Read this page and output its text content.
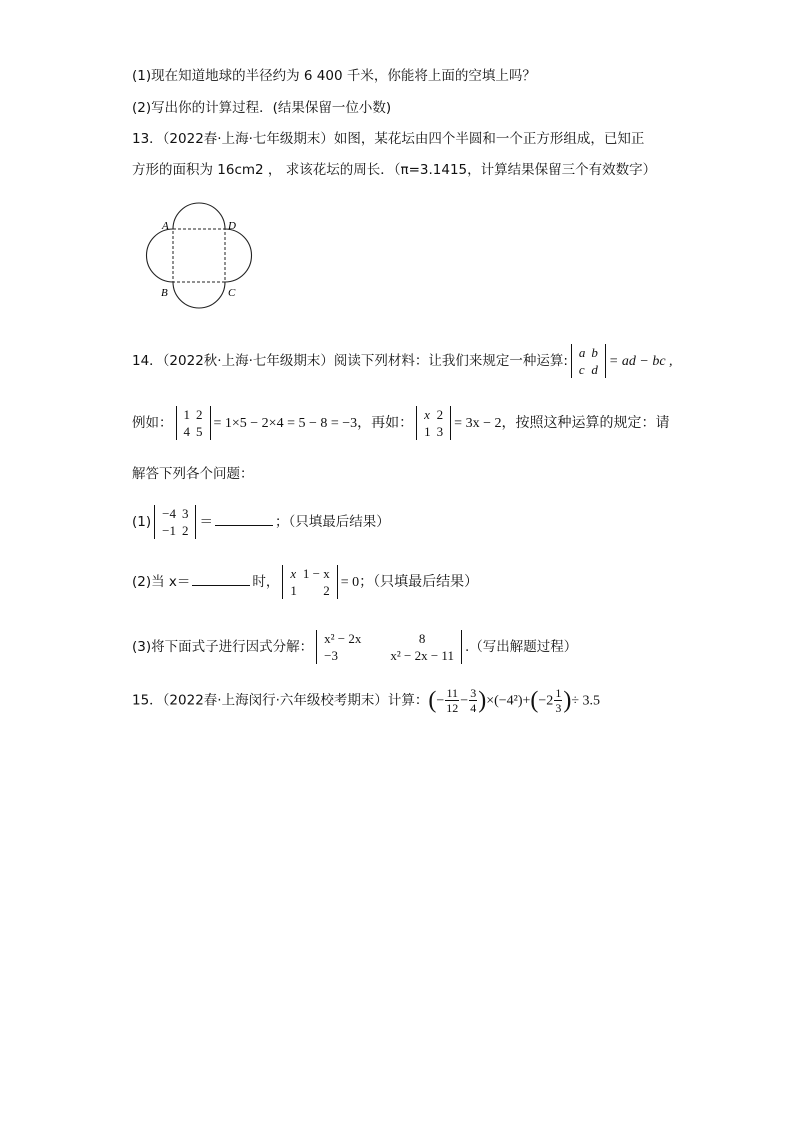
(1)现在知道地球的半径约为 6 400 千米，你能将上面的空填上吗？
(2)写出你的计算过程．(结果保留一位小数)
13．（2022春·上海·七年级期末）如图，某花坛由四个半圆和一个正方形组成，已知正
方形的面积为 16cm2 ， 求该花坛的周长．（π=3.1415，计算结果保留三个有效数字）
A	D
B	C
14．（2022秋·上海·七年级期末）阅读下列材料：让我们来规定一种运算:
a	b
c	d
= ad − bc ,
例如：
1	2
4	5
= 1×5 − 2×4 = 5 − 8 = −3，再如：
x	2
1	3
= 3x − 2，按照这种运算的规定：请
解答下列各个问题：
(1)
−4	3
−1	2
＝	；（只填最后结果）
(2)当 x＝	时，
x	1 − x
1	2
= 0；（只填最后结果）
(3)将下面式子进行因式分解：
x² − 2x	8
−3	x² − 2x − 11
.（写出解题过程）
15．（2022春·上海闵行·六年级校考期末）计算：(− $\frac{11}{12} - \frac{3}{4} )\times(-4^2)+(-2 \frac{1}{3}$ )÷ 3.5
